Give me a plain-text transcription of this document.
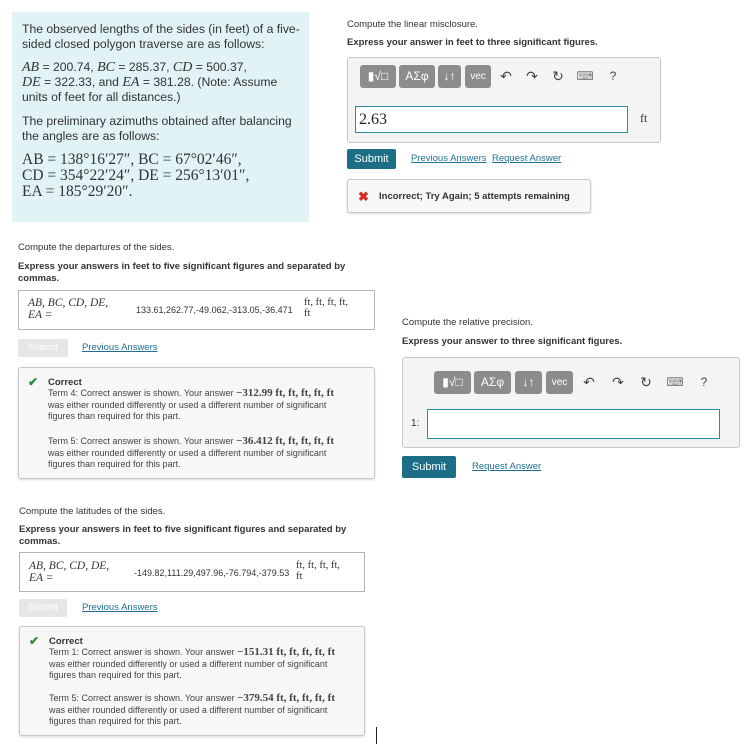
The observed lengths of the sides (in feet) of a five-sided closed polygon traverse are as follows:

AB = 200.74, BC = 285.37, CD = 500.37,
DE = 322.33, and EA = 381.28. (Note: Assume
units of feet for all distances.)

The preliminary azimuths obtained after balancing the angles are as follows:

AB = 138°16′27″, BC = 67°02′46″,
CD = 354°22′24″, DE = 256°13′01″,
EA = 185°29′20″.
Compute the linear misclosure.
Express your answer in feet to three significant figures.
▮√□	ΑΣφ	↓↑	vec	↶ ↷ ↻ ⌨	?
2.63	ft
Submit	Previous Answers Request Answer
✖ Incorrect; Try Again; 5 attempts remaining
Compute the departures of the sides.
Express your answers in feet to five significant figures and separated by commas.
AB, BC, CD, DE,
EA =	133.61,262.77,-49.062,-313.05,-36.471
ft, ft, ft, ft,
ft
Submit	Previous Answers
✔ Correct
Term 4: Correct answer is shown. Your answer −312.99 ft, ft, ft, ft, ft
was either rounded differently or used a different number of significant
figures than required for this part.
Term 5: Correct answer is shown. Your answer −36.412 ft, ft, ft, ft, ft
was either rounded differently or used a different number of significant
figures than required for this part.
Compute the relative precision.
Express your answer to three significant figures.
▮√□	ΑΣφ	↓↑	vec	↶ ↷ ↻ ⌨	?
1:
Submit	Request Answer
Compute the latitudes of the sides.
Express your answers in feet to five significant figures and separated by commas.
AB, BC, CD, DE,
EA =	-149.82,111.29,497.96,-76.794,-379.53
ft, ft, ft, ft,
ft
Submit	Previous Answers
✔ Correct
Term 1: Correct answer is shown. Your answer −151.31 ft, ft, ft, ft, ft
was either rounded differently or used a different number of significant
figures than required for this part.
Term 5: Correct answer is shown. Your answer −379.54 ft, ft, ft, ft, ft
was either rounded differently or used a different number of significant
figures than required for this part.
